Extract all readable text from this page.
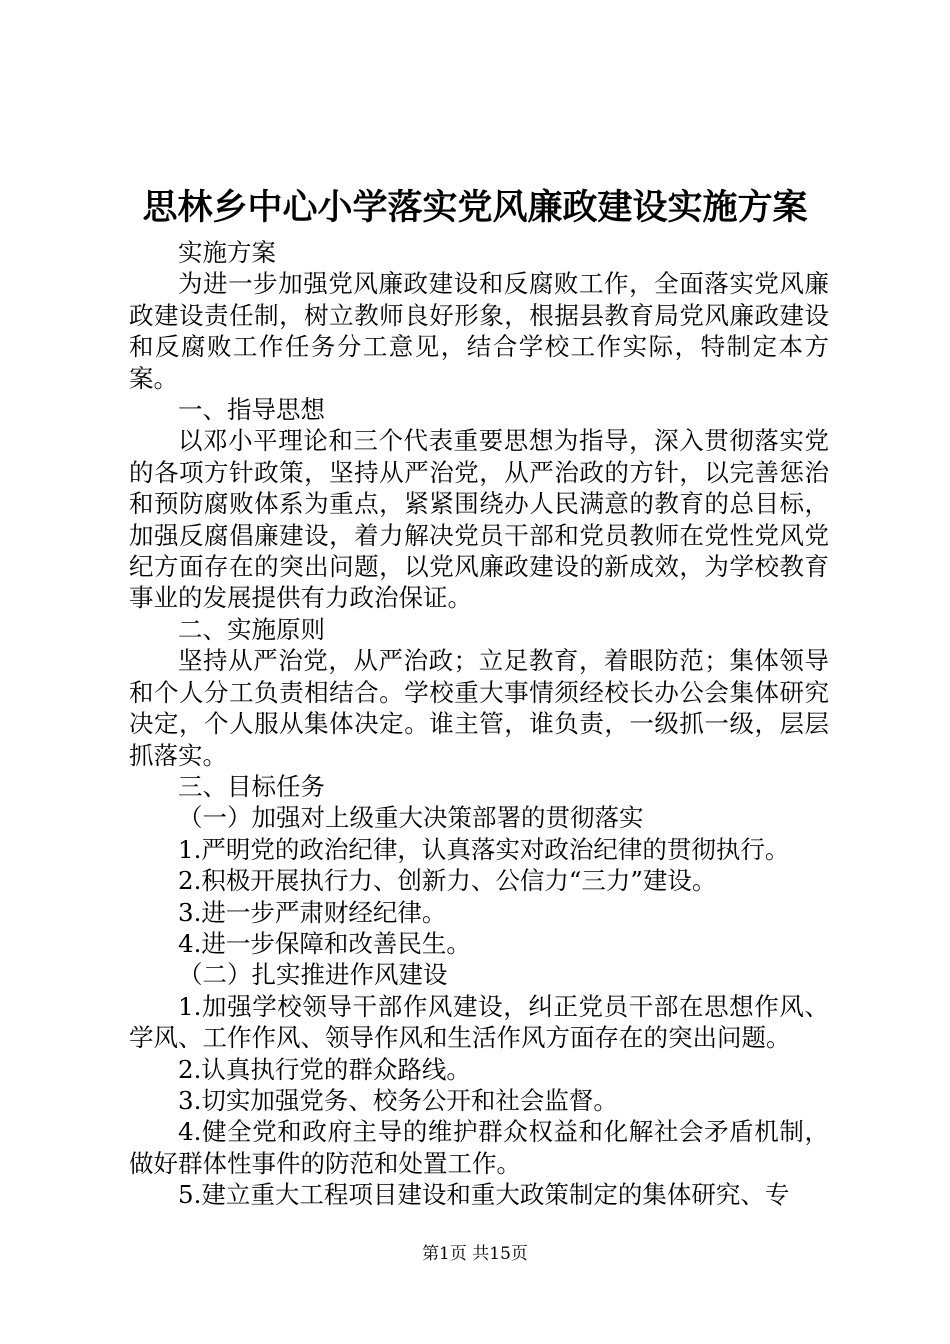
思林乡中心小学落实党风廉政建设实施方案

实施方案

为进一步加强党风廉政建设和反腐败工作，全面落实党风廉政建设责任制，树立教师良好形象，根据县教育局党风廉政建设和反腐败工作任务分工意见，结合学校工作实际，特制定本方案。

一、指导思想

以邓小平理论和三个代表重要思想为指导，深入贯彻落实党的各项方针政策，坚持从严治党，从严治政的方针，以完善惩治和预防腐败体系为重点，紧紧围绕办人民满意的教育的总目标，加强反腐倡廉建设，着力解决党员干部和党员教师在党性党风党纪方面存在的突出问题，以党风廉政建设的新成效，为学校教育事业的发展提供有力政治保证。

二、实施原则

坚持从严治党，从严治政；立足教育，着眼防范；集体领导和个人分工负责相结合。学校重大事情须经校长办公会集体研究决定，个人服从集体决定。谁主管，谁负责，一级抓一级，层层抓落实。

三、目标任务

（一）加强对上级重大决策部署的贯彻落实

1.严明党的政治纪律，认真落实对政治纪律的贯彻执行。

2.积极开展执行力、创新力、公信力“三力”建设。

3.进一步严肃财经纪律。

4.进一步保障和改善民生。

（二）扎实推进作风建设

1.加强学校领导干部作风建设，纠正党员干部在思想作风、学风、工作作风、领导作风和生活作风方面存在的突出问题。

2.认真执行党的群众路线。

3.切实加强党务、校务公开和社会监督。

4.健全党和政府主导的维护群众权益和化解社会矛盾机制，做好群体性事件的防范和处置工作。

5.建立重大工程项目建设和重大政策制定的集体研究、专

第1页 共15页
